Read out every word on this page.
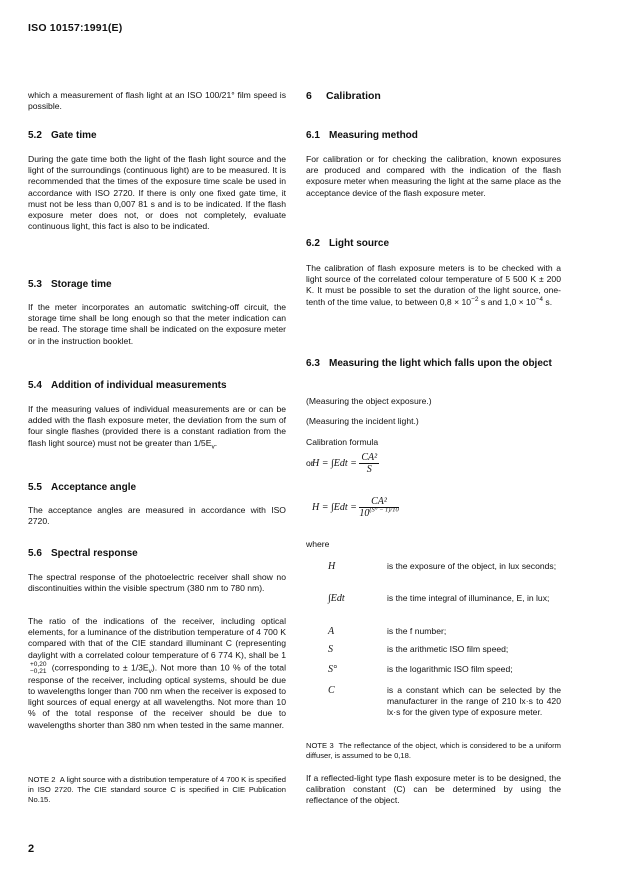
ISO 10157:1991(E)

which a measurement of flash light at an ISO 100/21° film speed is possible.

5.2 Gate time

During the gate time both the light of the flash light source and the light of the surroundings (continuous light) are to be measured. It is recommended that the times of the exposure time scale be used in accordance with ISO 2720. If there is only one fixed gate time, it must not be less than 0,007 81 s and is to be indicated. If the flash exposure meter does not, or does not completely, evaluate continuous light, this fact is also to be indicated.

5.3 Storage time

If the meter incorporates an automatic switching-off circuit, the storage time shall be long enough so that the meter indication can be read. The storage time shall be indicated on the exposure meter or in the instruction booklet.

5.4 Addition of individual measurements

If the measuring values of individual measurements are or can be added with the flash exposure meter, the deviation from the sum of four single flashes (provided there is a constant radiation from the flash light source) must not be greater than $1/5E_v$.

5.5 Acceptance angle

The acceptance angles are measured in accordance with ISO 2720.

5.6 Spectral response

The spectral response of the photoelectric receiver shall show no discontinuities within the visible spectrum (380 nm to 780 nm).

The ratio of the indications of the receiver, including optical elements, for a luminance of the distribution temperature of 4 700 K compared with that of the CIE standard illuminant C (representing daylight with a correlated colour temperature of 6 774 K), shall be 1
+0,20
−0,21 (corresponding to ± $1/3E_v$). Not more than 10 % of the total response of the receiver, including optical systems, should be due to wavelengths longer than 700 nm when the receiver is exposed to light sources of equal energy at all wavelengths. Not more than 10 % of the total response of the receiver should be due to wavelengths shorter than 380 nm when tested in the same manner.

NOTE 2 A light source with a distribution temperature of 4 700 K is specified in ISO 2720. The CIE standard source C is specified in CIE Publication No.15.

6 Calibration
6.1 Measuring method

For calibration or for checking the calibration, known exposures are produced and compared with the indication of the flash exposure meter when measuring the light at the same place as the acceptance device of the flash exposure meter.

6.2 Light source

The calibration of flash exposure meters is to be checked with a light source of the correlated colour temperature of 5 500 K ± 200 K. It must be possible to set the duration of the light source, one-tenth of the time value, to between $0,8 \times 10^{-2}$ s and $1,0 \times 10^{-4}$ s.

6.3 Measuring the light which falls upon the object

(Measuring the object exposure.)

(Measuring the incident light.)

Calibration formula

$H = \int Edt = \frac{\text{CA²}}{S}$

or

$H = \int Edt = \frac{\text{CA²}}{10^{(S^\circ - 1)/10}}$

where

H	is the exposure of the object, in lux seconds;

∫Edt	is the time integral of illuminance, E, in lux;

A	is the f number;

S	is the arithmetic ISO film speed;

S°	is the logarithmic ISO film speed;

C	is a constant which can be selected by the manufacturer in the range of 210 lx·s to 420 lx·s for the given type of exposure meter.

NOTE 3 The reflectance of the object, which is considered to be a uniform diffuser, is assumed to be 0,18.

If a reflected-light type flash exposure meter is to be designed, the calibration constant (C) can be determined by using the reflectance of the object.

2
